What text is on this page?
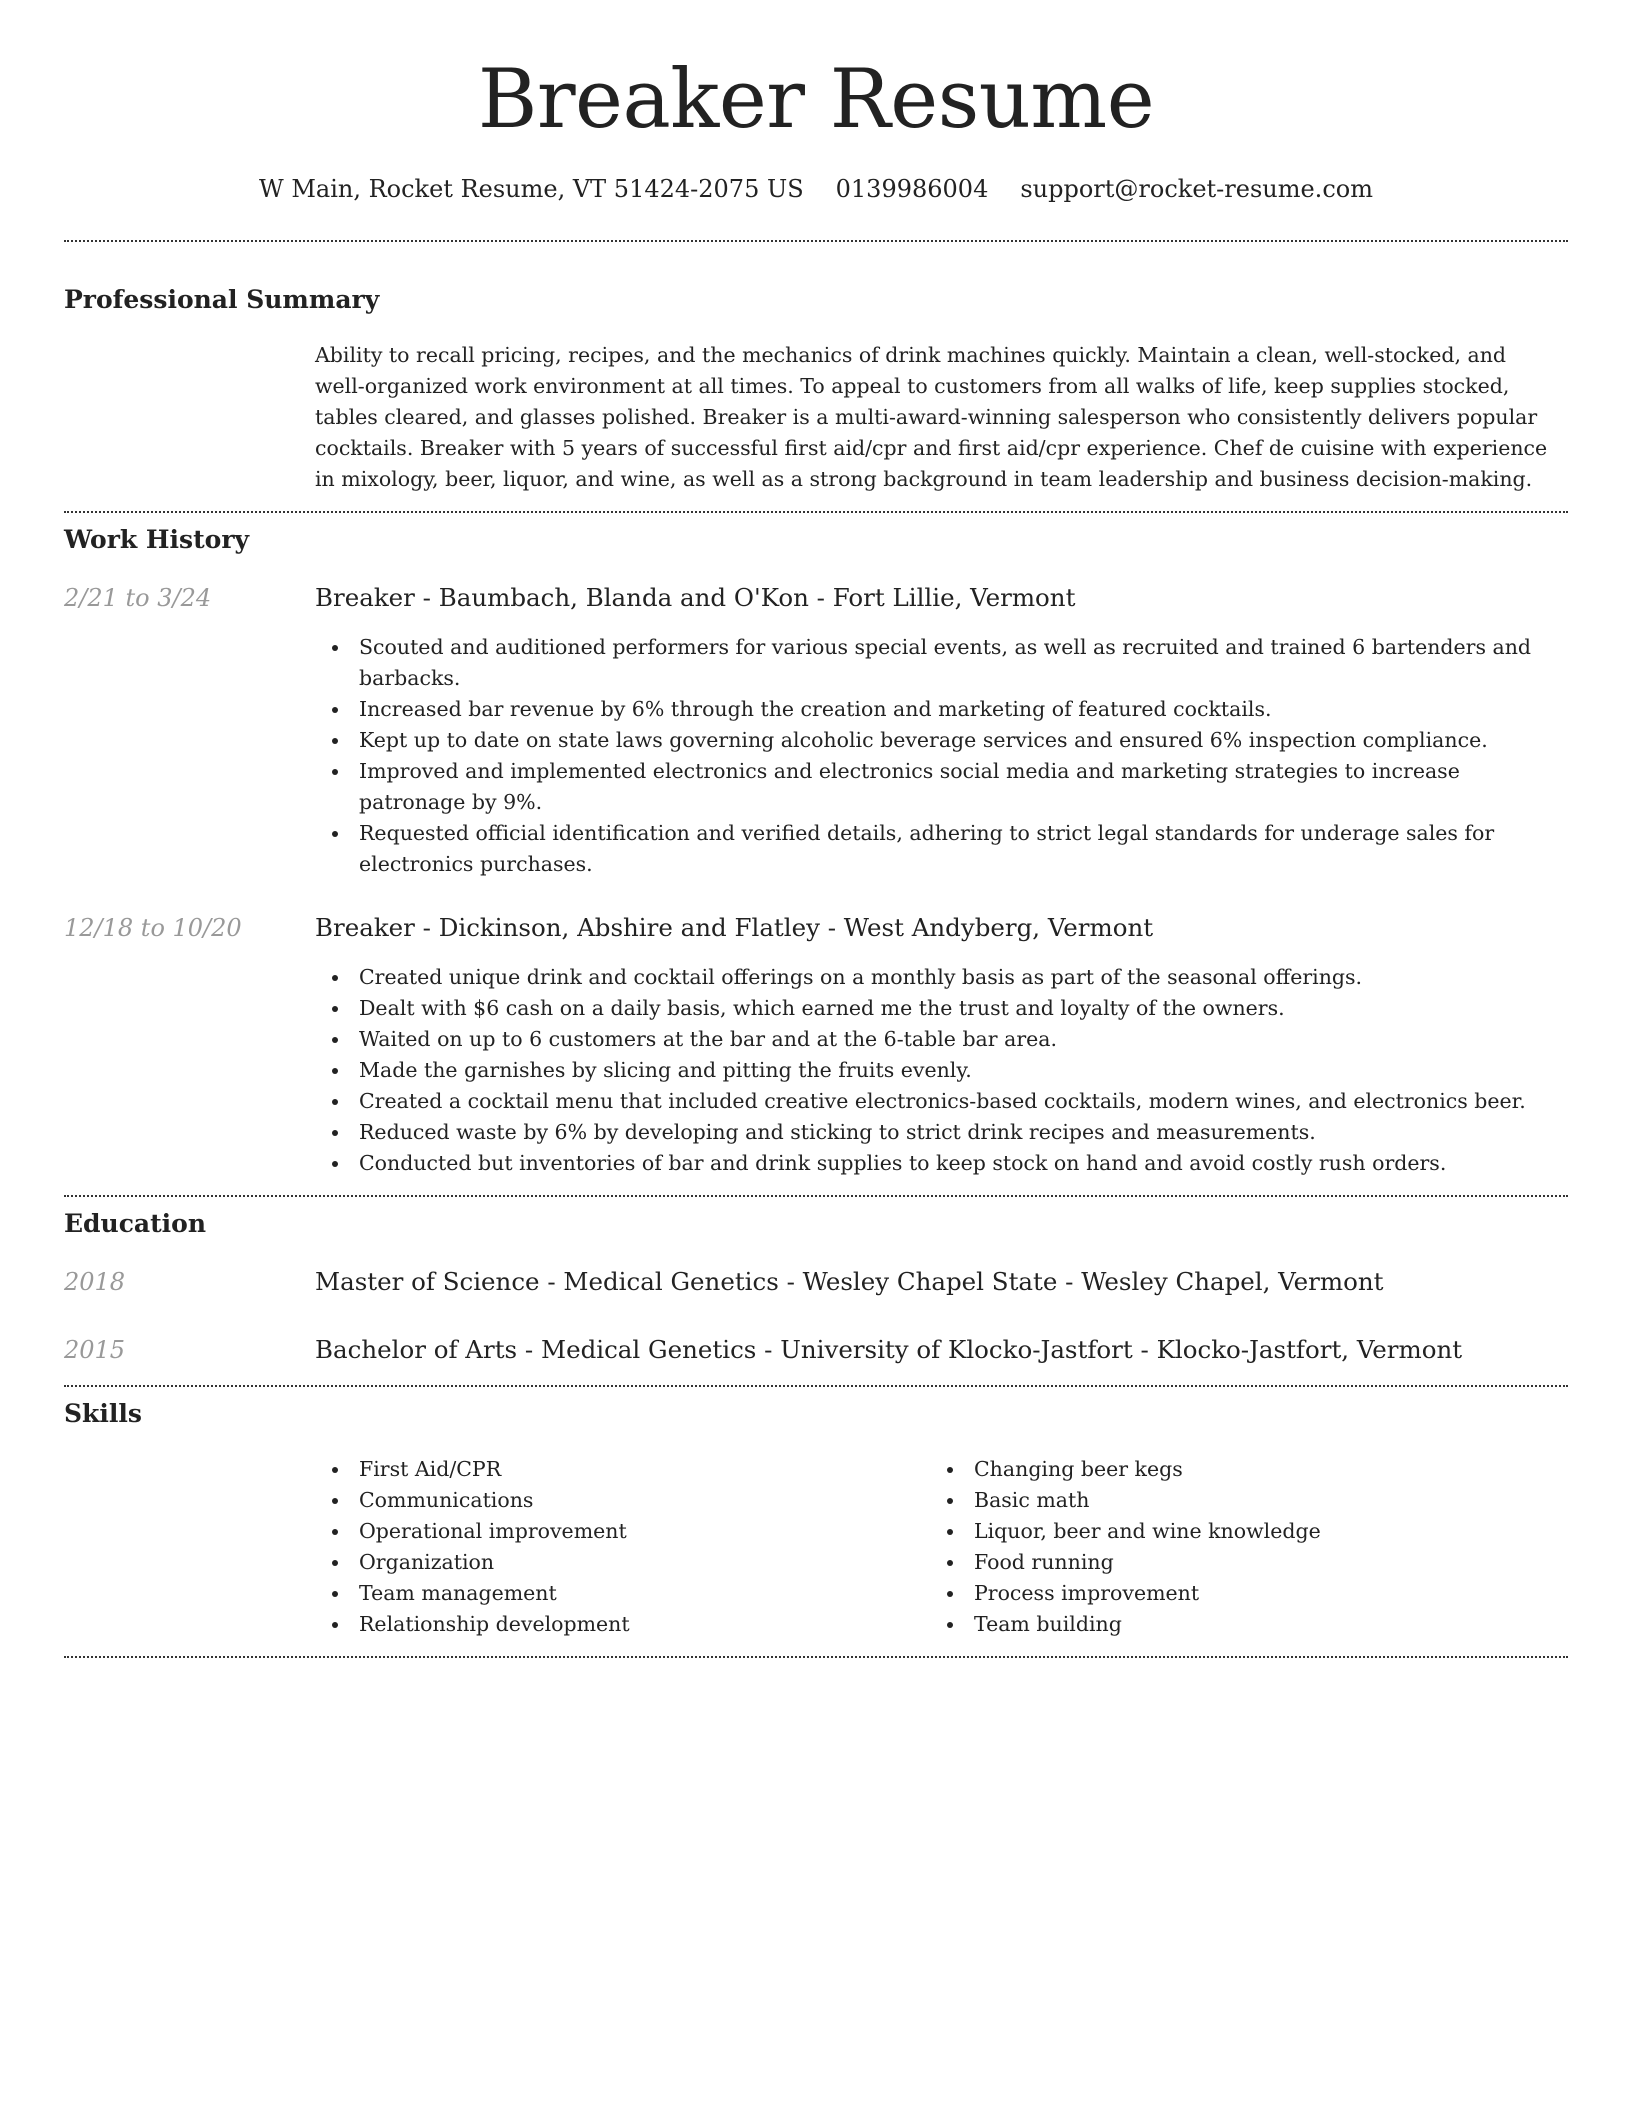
Breaker Resume
W Main, Rocket Resume, VT 51424-2075 US 0139986004 support@rocket-resume.com
Professional Summary

Ability to recall pricing, recipes, and the mechanics of drink machines quickly. Maintain a clean, well-stocked, and well-organized work environment at all times. To appeal to customers from all walks of life, keep supplies stocked, tables cleared, and glasses polished. Breaker is a multi-award-winning salesperson who consistently delivers popular cocktails. Breaker with 5 years of successful first aid/cpr and first aid/cpr experience. Chef de cuisine with experience in mixology, beer, liquor, and wine, as well as a strong background in team leadership and business decision-making.

Work History
2/21 to 3/24	Breaker - Baumbach, Blanda and O'Kon - Fort Lillie, Vermont
Scouted and auditioned performers for various special events, as well as recruited and trained 6 bartenders and barbacks.
Increased bar revenue by 6% through the creation and marketing of featured cocktails.
Kept up to date on state laws governing alcoholic beverage services and ensured 6% inspection compliance.
Improved and implemented electronics and electronics social media and marketing strategies to increase patronage by 9%.
Requested official identification and verified details, adhering to strict legal standards for underage sales for electronics purchases.
12/18 to 10/20	Breaker - Dickinson, Abshire and Flatley - West Andyberg, Vermont
Created unique drink and cocktail offerings on a monthly basis as part of the seasonal offerings.
Dealt with $6 cash on a daily basis, which earned me the trust and loyalty of the owners.
Waited on up to 6 customers at the bar and at the 6-table bar area.
Made the garnishes by slicing and pitting the fruits evenly.
Created a cocktail menu that included creative electronics-based cocktails, modern wines, and electronics beer.
Reduced waste by 6% by developing and sticking to strict drink recipes and measurements.
Conducted but inventories of bar and drink supplies to keep stock on hand and avoid costly rush orders.
Education
2018	Master of Science - Medical Genetics - Wesley Chapel State - Wesley Chapel, Vermont
2015	Bachelor of Arts - Medical Genetics - University of Klocko-Jastfort - Klocko-Jastfort, Vermont
Skills
First Aid/CPR
Communications
Operational improvement
Organization
Team management
Relationship development
Changing beer kegs
Basic math
Liquor, beer and wine knowledge
Food running
Process improvement
Team building
